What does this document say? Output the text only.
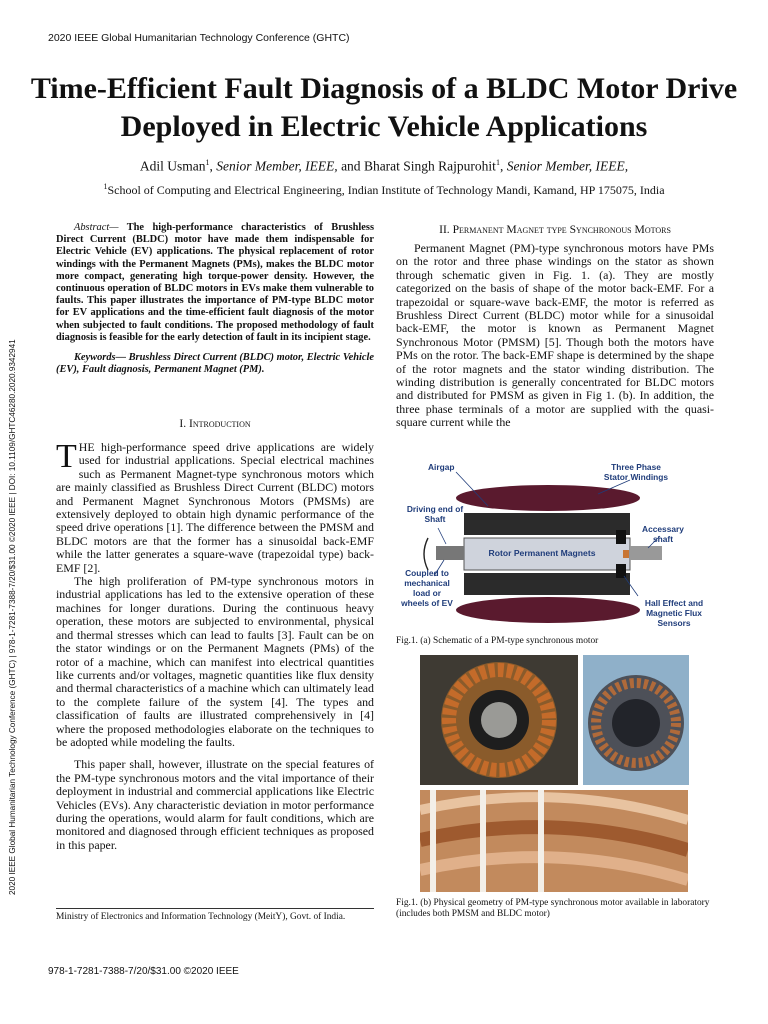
2020 IEEE Global Humanitarian Technology Conference (GHTC)
2020 IEEE Global Humanitarian Technology Conference (GHTC) | 978-1-7281-7388-7/20/$31.00 ©2020 IEEE | DOI: 10.1109/GHTC46280.2020.9342941
Time-Efficient Fault Diagnosis of a BLDC Motor Drive Deployed in Electric Vehicle Applications
Adil Usman$^1$, Senior Member, IEEE, and Bharat Singh Rajpurohit$^1$, Senior Member, IEEE,
$^1$School of Computing and Electrical Engineering, Indian Institute of Technology Mandi, Kamand, HP 175075, India
Abstract— The high-performance characteristics of Brushless Direct Current (BLDC) motor have made them indispensable for Electric Vehicle (EV) applications. The physical replacement of rotor windings with the Permanent Magnets (PMs), makes the BLDC motor more compact, generating high torque-power density. However, the continuous operation of BLDC motors in EVs make them vulnerable to faults. This paper illustrates the importance of PM-type BLDC motor for EV applications and the time-efficient fault diagnosis of the motor when subjected to fault conditions. The proposed methodology of fault diagnosis is feasible for the early detection of fault in its incipient stage.
Keywords— Brushless Direct Current (BLDC) motor, Electric Vehicle (EV), Fault diagnosis, Permanent Magnet (PM).
I. Introduction

THE high-performance speed drive applications are widely used for industrial applications. Special electrical machines such as Permanent Magnet-type synchronous motors which are mainly classified as Brushless Direct Current (BLDC) motors and Permanent Magnet Synchronous Motors (PMSMs) are extensively deployed to obtain high dynamic performance of the speed drive operations [1]. The difference between the PMSM and BLDC motors are that the former has a sinusoidal back-EMF while the latter generates a square-wave (trapezoidal type) back-EMF [2].

The high proliferation of PM-type synchronous motors in industrial applications has led to the extensive operation of these machines for longer durations. During the continuous heavy operation, these motors are subjected to environmental, physical and thermal stresses which can lead to faults [3]. Fault can be on the stator windings or on the Permanent Magnets (PMs) of the rotor of a machine, which can manifest into electrical quantities like currents and/or voltages, magnetic quantities like flux density and thermal characteristics of a machine which can ultimately lead to the complete failure of the system [4]. The types and classification of faults are illustrated comprehensively in [4] where the proposed methodologies elaborate on the techniques to be adopted while modeling the faults.

This paper shall, however, illustrate on the special features of the PM-type synchronous motors and the vital importance of their deployment in industrial and commercial applications like Electric Vehicles (EVs). Any characteristic deviation in motor performance during the operations, would alarm for fault conditions, which are monitored and diagnosed through efficient techniques as proposed in this paper.

Ministry of Electronics and Information Technology (MeitY), Govt. of India.
II. Permanent Magnet type Synchronous Motors
Permanent Magnet (PM)-type synchronous motors have PMs on the rotor and three phase windings on the stator as shown through schematic given in Fig. 1. (a). They are mostly categorized on the basis of shape of the motor back-EMF. For a trapezoidal or square-wave back-EMF, the motor is referred as Brushless Direct Current (BLDC) motor while for a sinusoidal back-EMF, the motor is known as Permanent Magnet Synchronous Motor (PMSM) [5]. Though both the motors have PMs on the rotor. The back-EMF shape is determined by the shape of the rotor magnets and the stator winding distribution. The winding distribution is generally concentrated for BLDC motors and distributed for PMSM as given in Fig 1. (b). In addition, the three phase terminals of a motor are supplied with the quasi-square current while the
Airgap	Three Phase Stator Windings
Driving end of Shaft
Accessary shaft
Rotor Permanent Magnets
Coupled to mechanical load or wheels of EV	Hall Effect and Magnetic Flux Sensors
Fig.1. (a) Schematic of a PM-type synchronous motor
Fig.1. (b) Physical geometry of PM-type synchronous motor available in laboratory (includes both PMSM and BLDC motor)
978-1-7281-7388-7/20/$31.00 ©2020 IEEE
